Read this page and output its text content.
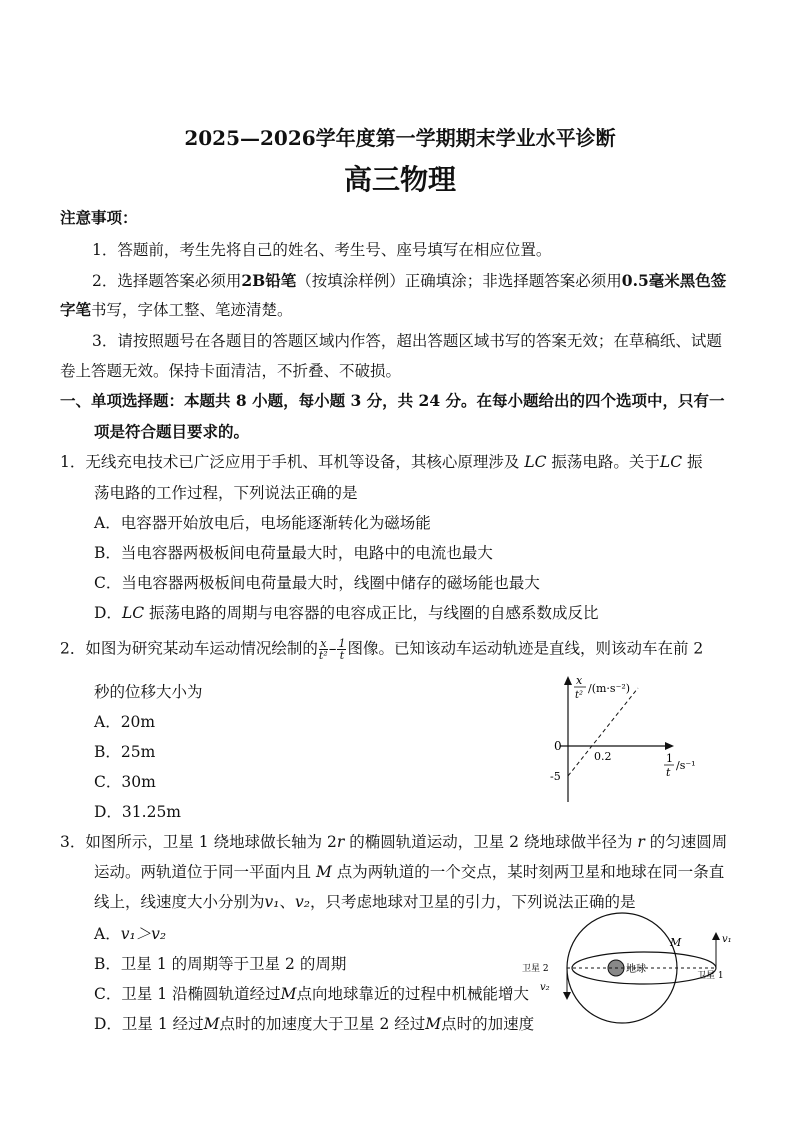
2025—2026学年度第一学期期末学业水平诊断
高三物理
注意事项：
1．答题前，考生先将自己的姓名、考生号、座号填写在相应位置。
2．选择题答案必须用2B铅笔（按填涂样例）正确填涂；非选择题答案必须用0.5毫米黑色签
字笔书写，字体工整、笔迹清楚。
3．请按照题号在各题目的答题区域内作答，超出答题区域书写的答案无效；在草稿纸、试题
卷上答题无效。保持卡面清洁，不折叠、不破损。
一、单项选择题：本题共 8 小题，每小题 3 分，共 24 分。在每小题给出的四个选项中，只有一
项是符合题目要求的。
1．无线充电技术已广泛应用于手机、耳机等设备，其核心原理涉及 LC 振荡电路。关于LC 振
荡电路的工作过程，下列说法正确的是
A．电容器开始放电后，电场能逐渐转化为磁场能
B．当电容器两极板间电荷量最大时，电路中的电流也最大
C．当电容器两极板间电荷量最大时，线圈中储存的磁场能也最大
D．LC 振荡电路的周期与电容器的电容成正比，与线圈的自感系数成反比
2．如图为研究某动车运动情况绘制的 $\frac{x}{\text{t²}} - \frac{1}{t}$ 图像。已知该动车运动轨迹是直线，则该动车在前 2
秒的位移大小为
A．20m
B．25m
C．30m
D．31.25m
x
t²
/(m·s⁻²)
0
0.2
-5
1
t
/s⁻¹
3．如图所示，卫星 1 绕地球做长轴为 2r 的椭圆轨道运动，卫星 2 绕地球做半径为 r 的匀速圆周
运动。两轨道位于同一平面内且 M 点为两轨道的一个交点，某时刻两卫星和地球在同一条直
线上，线速度大小分别为v₁、v₂，只考虑地球对卫星的引力，下列说法正确的是
A．v₁＞v₂
B．卫星 1 的周期等于卫星 2 的周期
C．卫星 1 沿椭圆轨道经过M点向地球靠近的过程中机械能增大
D．卫星 1 经过M点时的加速度大于卫星 2 经过M点时的加速度
地球
v₂
v₁
M
卫星 2
卫星 1
